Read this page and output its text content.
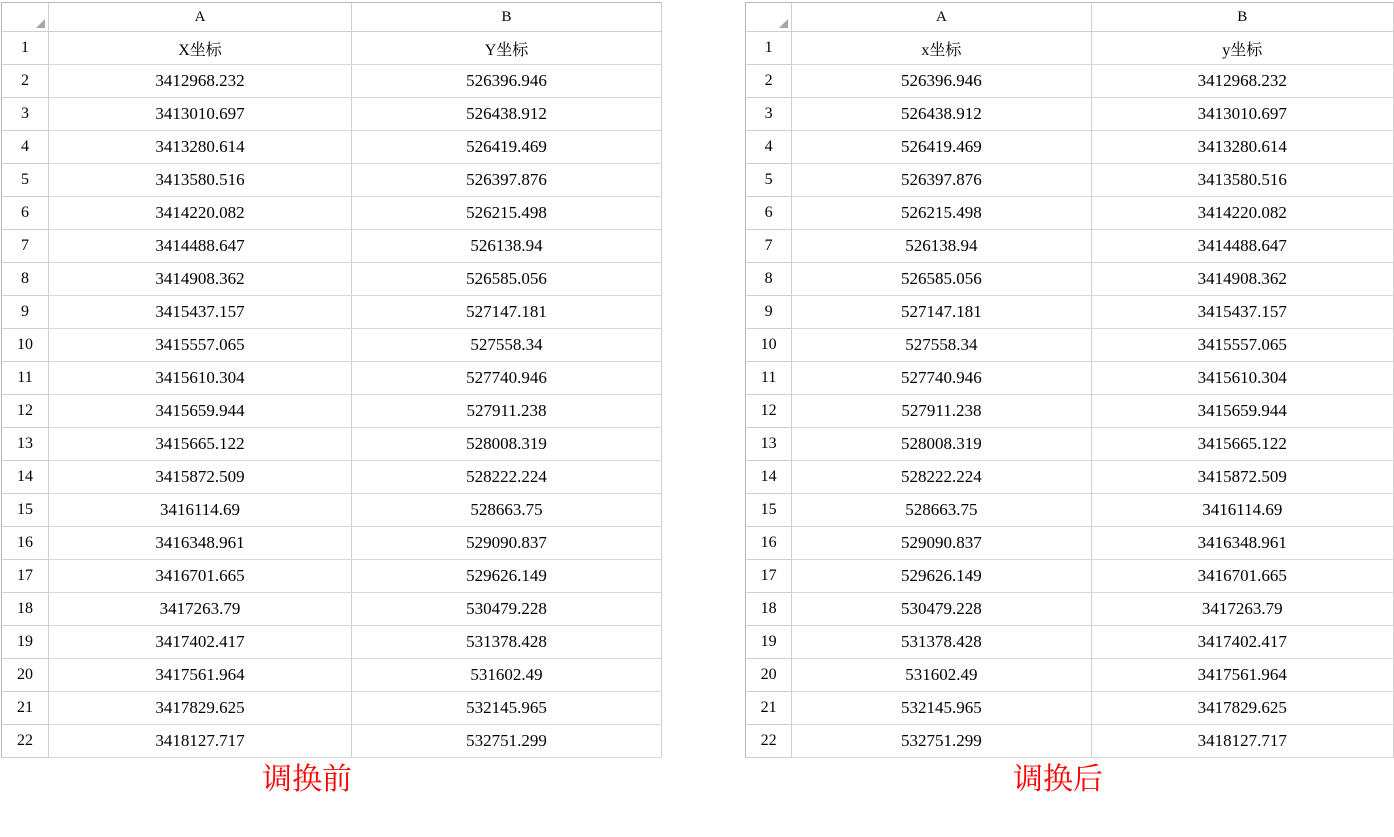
	A	B
1	X坐标	Y坐标
2	3412968.232	526396.946
3	3413010.697	526438.912
4	3413280.614	526419.469
5	3413580.516	526397.876
6	3414220.082	526215.498
7	3414488.647	526138.94
8	3414908.362	526585.056
9	3415437.157	527147.181
10	3415557.065	527558.34
11	3415610.304	527740.946
12	3415659.944	527911.238
13	3415665.122	528008.319
14	3415872.509	528222.224
15	3416114.69	528663.75
16	3416348.961	529090.837
17	3416701.665	529626.149
18	3417263.79	530479.228
19	3417402.417	531378.428
20	3417561.964	531602.49
21	3417829.625	532145.965
22	3418127.717	532751.299
	A	B
1	x坐标	y坐标
2	526396.946	3412968.232
3	526438.912	3413010.697
4	526419.469	3413280.614
5	526397.876	3413580.516
6	526215.498	3414220.082
7	526138.94	3414488.647
8	526585.056	3414908.362
9	527147.181	3415437.157
10	527558.34	3415557.065
11	527740.946	3415610.304
12	527911.238	3415659.944
13	528008.319	3415665.122
14	528222.224	3415872.509
15	528663.75	3416114.69
16	529090.837	3416348.961
17	529626.149	3416701.665
18	530479.228	3417263.79
19	531378.428	3417402.417
20	531602.49	3417561.964
21	532145.965	3417829.625
22	532751.299	3418127.717
调换前	调换后
